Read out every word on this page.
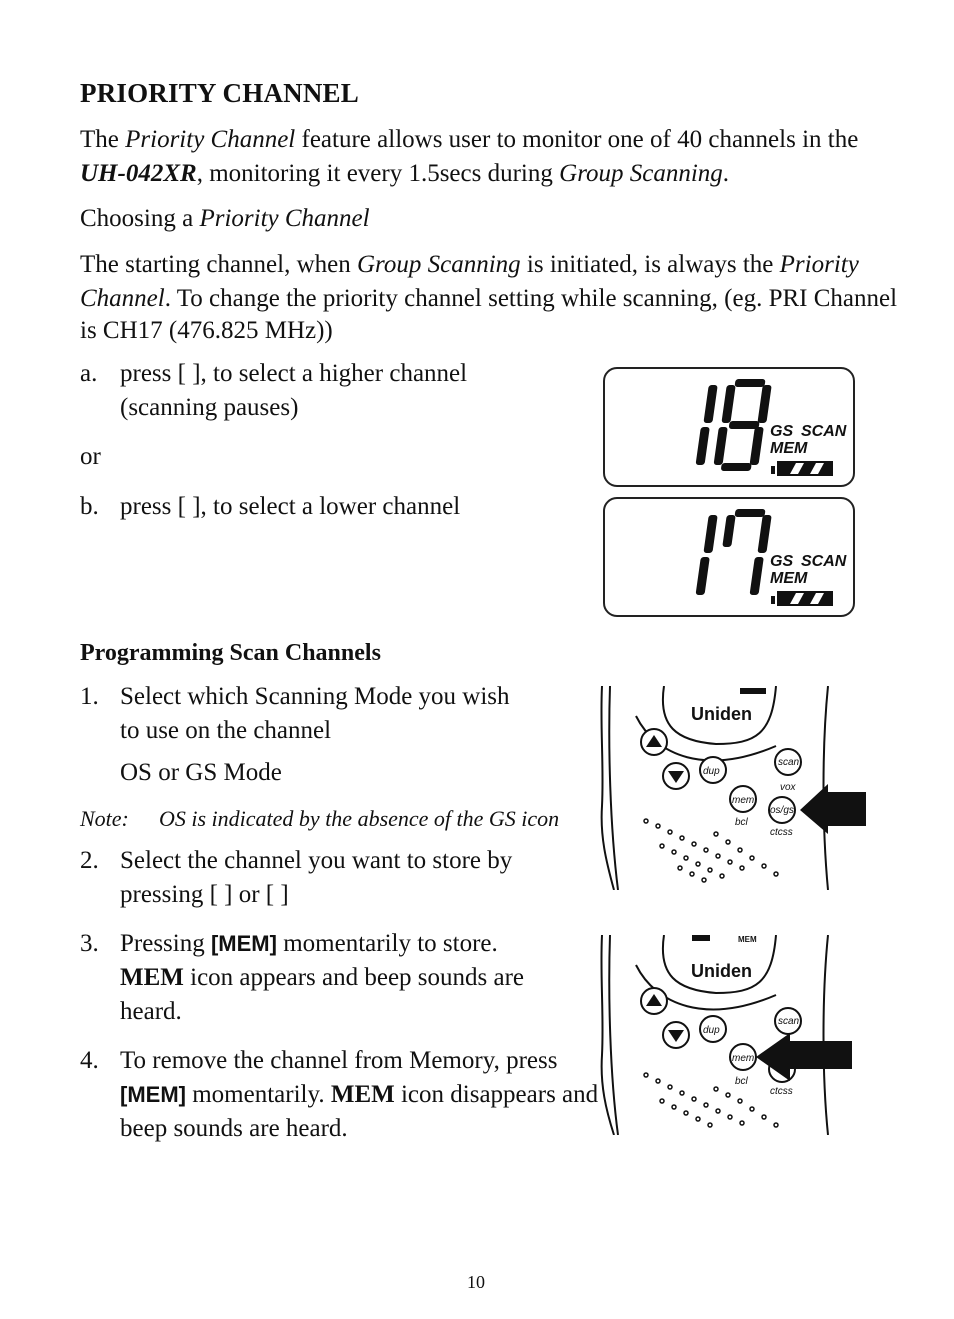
PRIORITY CHANNEL
The Priority Channel feature allows user to monitor one of 40 channels in the
UH-042XR, monitoring it every 1.5secs during Group Scanning.
Choosing a Priority Channel
The starting channel, when Group Scanning is initiated, is always the Priority
Channel. To change the priority channel setting while scanning, (eg. PRI Channel
is CH17 (476.825 MHz))
a. press [ ], to select a higher channel
(scanning pauses)
or
b. press [ ], to select a lower channel
GS SCAN
MEM
GS SCAN
MEM
Programming Scan Channels
1. Select which Scanning Mode you wish
to use on the channel
OS or GS Mode
Note: OS is indicated by the absence of the GS icon
2. Select the channel you want to store by
pressing [ ] or [ ]
3. Pressing [MEM] momentarily to store.
MEM icon appears and beep sounds are
heard.
4. To remove the channel from Memory, press
[MEM] momentarily. MEM icon disappears and
beep sounds are heard.
Uniden
dup
mem
scan
os/gs
vox
bcl
ctcss
MEM
Uniden
dup
mem
scan
bcl
ctcss
10
